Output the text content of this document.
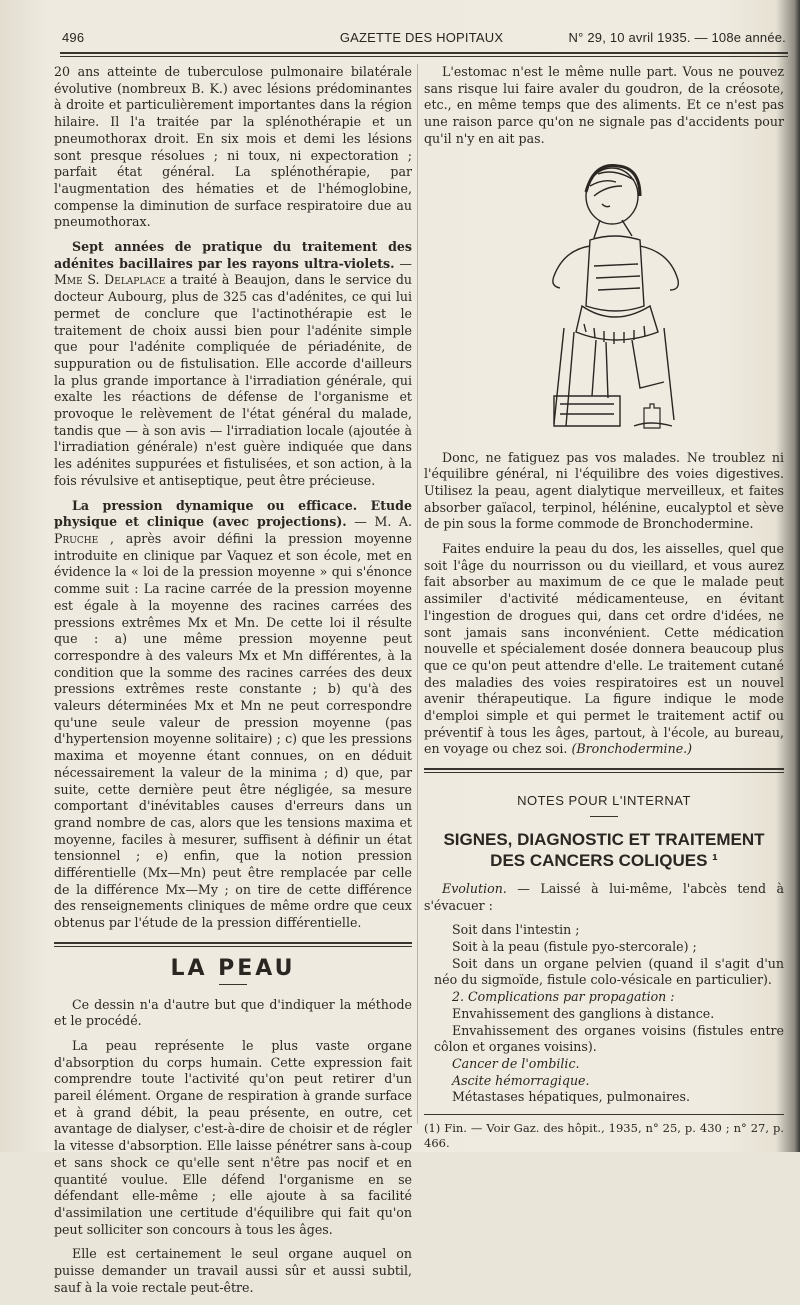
496	GAZETTE DES HOPITAUX	N° 29, 10 avril 1935. — 108e année.

20 ans atteinte de tuberculose pulmonaire bilatérale évolutive (nombreux B. K.) avec lésions prédominantes à droite et particulièrement importantes dans la région hilaire. Il l'a traitée par la splénothérapie et un pneumothorax droit. En six mois et demi les lésions sont presque résolues ; ni toux, ni expectoration ; parfait état général. La splénothérapie, par l'augmentation des hématies et de l'hémoglobine, compense la diminution de surface respiratoire due au pneumothorax.

Sept années de pratique du traitement des adénites bacillaires par les rayons ultra-violets. — Mme S. Delaplace a traité à Beaujon, dans le service du docteur Aubourg, plus de 325 cas d'adénites, ce qui lui permet de conclure que l'actinothérapie est le traitement de choix aussi bien pour l'adénite simple que pour l'adénite compliquée de périadénite, de suppuration ou de fistulisation. Elle accorde d'ailleurs la plus grande importance à l'irradiation générale, qui exalte les réactions de défense de l'organisme et provoque le relèvement de l'état général du malade, tandis que — à son avis — l'irradiation locale (ajoutée à l'irradiation générale) n'est guère indiquée que dans les adénites suppurées et fistulisées, et son action, à la fois révulsive et antiseptique, peut être précieuse.

La pression dynamique ou efficace. Etude physique et clinique (avec projections). — M. A. Pruche , après avoir défini la pression moyenne introduite en clinique par Vaquez et son école, met en évidence la « loi de la pression moyenne » qui s'énonce comme suit : La racine carrée de la pression moyenne est égale à la moyenne des racines carrées des pressions extrêmes Mx et Mn. De cette loi il résulte que : a) une même pression moyenne peut correspondre à des valeurs Mx et Mn différentes, à la condition que la somme des racines carrées des deux pressions extrêmes reste constante ; b) qu'à des valeurs déterminées Mx et Mn ne peut correspondre qu'une seule valeur de pression moyenne (pas d'hypertension moyenne solitaire) ; c) que les pressions maxima et moyenne étant connues, on en déduit nécessairement la valeur de la minima ; d) que, par suite, cette dernière peut être négligée, sa mesure comportant d'inévitables causes d'erreurs dans un grand nombre de cas, alors que les tensions maxima et moyenne, faciles à mesurer, suffisent à définir un état tensionnel ; e) enfin, que la notion pression différentielle (Mx—Mn) peut être remplacée par celle de la différence Mx—My ; on tire de cette différence des renseignements cliniques de même ordre que ceux obtenus par l'étude de la pression différentielle.

LA PEAU

Ce dessin n'a d'autre but que d'indiquer la méthode et le procédé.

La peau représente le plus vaste organe d'absorption du corps humain. Cette expression fait comprendre toute l'activité qu'on peut retirer d'un pareil élément. Organe de respiration à grande surface et à grand débit, la peau présente, en outre, cet avantage de dialyser, c'est-à-dire de choisir et de régler la vitesse d'absorption. Elle laisse pénétrer sans à-coup et sans shock ce qu'elle sent n'être pas nocif et en quantité voulue. Elle défend l'organisme en se défendant elle-même ; elle ajoute à sa facilité d'assimilation une certitude d'équilibre qui fait qu'on peut solliciter son concours à tous les âges.

Elle est certainement le seul organe auquel on puisse demander un travail aussi sûr et aussi subtil, sauf à la voie rectale peut-être.

L'estomac n'est le même nulle part. Vous ne pouvez sans risque lui faire avaler du goudron, de la créosote, etc., en même temps que des aliments. Et ce n'est pas une raison parce qu'on ne signale pas d'accidents pour qu'il n'y en ait pas.

Donc, ne fatiguez pas vos malades. Ne troublez ni l'équilibre général, ni l'équilibre des voies digestives. Utilisez la peau, agent dialytique merveilleux, et faites absorber gaïacol, terpinol, hélénine, eucalyptol et sève de pin sous la forme commode de Bronchodermine.

Faites enduire la peau du dos, les aisselles, quel que soit l'âge du nourrisson ou du vieillard, et vous aurez fait absorber au maximum de ce que le malade peut assimiler d'activité médicamenteuse, en évitant l'ingestion de drogues qui, dans cet ordre d'idées, ne sont jamais sans inconvénient. Cette médication nouvelle et spécialement dosée donnera beaucoup plus que ce qu'on peut attendre d'elle. Le traitement cutané des maladies des voies respiratoires est un nouvel avenir thérapeutique. La figure indique le mode d'emploi simple et qui permet le traitement actif ou préventif à tous les âges, partout, à l'école, au bureau, en voyage ou chez soi. (Bronchodermine.)

NOTES POUR L'INTERNAT
SIGNES, DIAGNOSTIC ET TRAITEMENT DES CANCERS COLIQUES ¹

Evolution. — Laissé à lui-même, l'abcès tend à s'évacuer :

Soit dans l'intestin ;

Soit à la peau (fistule pyo-stercorale) ;

Soit dans un organe pelvien (quand il s'agit d'un néo du sigmoïde, fistule colo-vésicale en particulier).

2. Complications par propagation :

Envahissement des ganglions à distance.

Envahissement des organes voisins (fistules entre côlon et organes voisins).

Cancer de l'ombilic.

Ascite hémorragique.

Métastases hépatiques, pulmonaires.

(1) Fin. — Voir Gaz. des hôpit., 1935, n° 25, p. 430 ; n° 27, p. 466.
